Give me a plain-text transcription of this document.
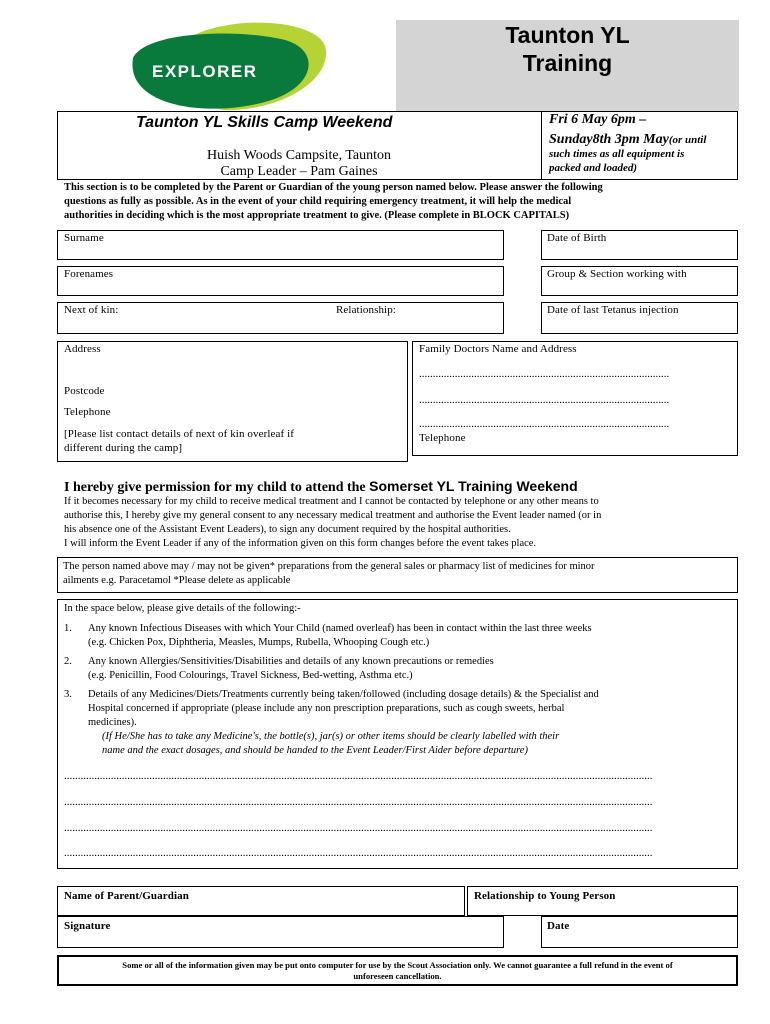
EXPLORER
Taunton YL
Training
Taunton YL Skills Camp Weekend
Huish Woods Campsite, Taunton
Camp Leader – Pam Gaines
Fri 6 May 6pm –
Sunday8th 3pm May(or until
such times as all equipment is
packed and loaded)
This section is to be completed by the Parent or Guardian of the young person named below. Please answer the following
questions as fully as possible. As in the event of your child requiring emergency treatment, it will help the medical
authorities in deciding which is the most appropriate treatment to give. (Please complete in BLOCK CAPITALS)
Surname	Date of Birth
Forenames	Group & Section working with
Next of kin:	Relationship:	Date of last Tetanus injection
Address
Postcode
Telephone
[Please list contact details of next of kin overleaf if
different during the camp]
Family Doctors Name and Address
...........................................................................................
...........................................................................................
...........................................................................................
Telephone
I hereby give permission for my child to attend the Somerset YL Training Weekend
If it becomes necessary for my child to receive medical treatment and I cannot be contacted by telephone or any other means to
authorise this, I hereby give my general consent to any necessary medical treatment and authorise the Event leader named (or in
his absence one of the Assistant Event Leaders), to sign any document required by the hospital authorities.
I will inform the Event Leader if any of the information given on this form changes before the event takes place.
The person named above may / may not be given* preparations from the general sales or pharmacy list of medicines for minor
ailments e.g. Paracetamol *Please delete as applicable
In the space below, please give details of the following:-
1. Any known Infectious Diseases with which Your Child (named overleaf) has been in contact within the last three weeks
(e.g. Chicken Pox, Diphtheria, Measles, Mumps, Rubella, Whooping Cough etc.)
2. Any known Allergies/Sensitivities/Disabilities and details of any known precautions or remedies
(e.g. Penicillin, Food Colourings, Travel Sickness, Bed-wetting, Asthma etc.)
3. Details of any Medicines/Diets/Treatments currently being taken/followed (including dosage details) & the Specialist and
Hospital concerned if appropriate (please include any non prescription preparations, such as cough sweets, herbal
medicines).
(If He/She has to take any Medicine's, the bottle(s), jar(s) or other items should be clearly labelled with their
name and the exact dosages, and should be handed to the Event Leader/First Aider before departure)
......................................................................................................................................................................................................................
......................................................................................................................................................................................................................
......................................................................................................................................................................................................................
......................................................................................................................................................................................................................
Name of Parent/Guardian	Relationship to Young Person
Signature	Date
Some or all of the information given may be put onto computer for use by the Scout Association only. We cannot guarantee a full refund in the event of
unforeseen cancellation.
